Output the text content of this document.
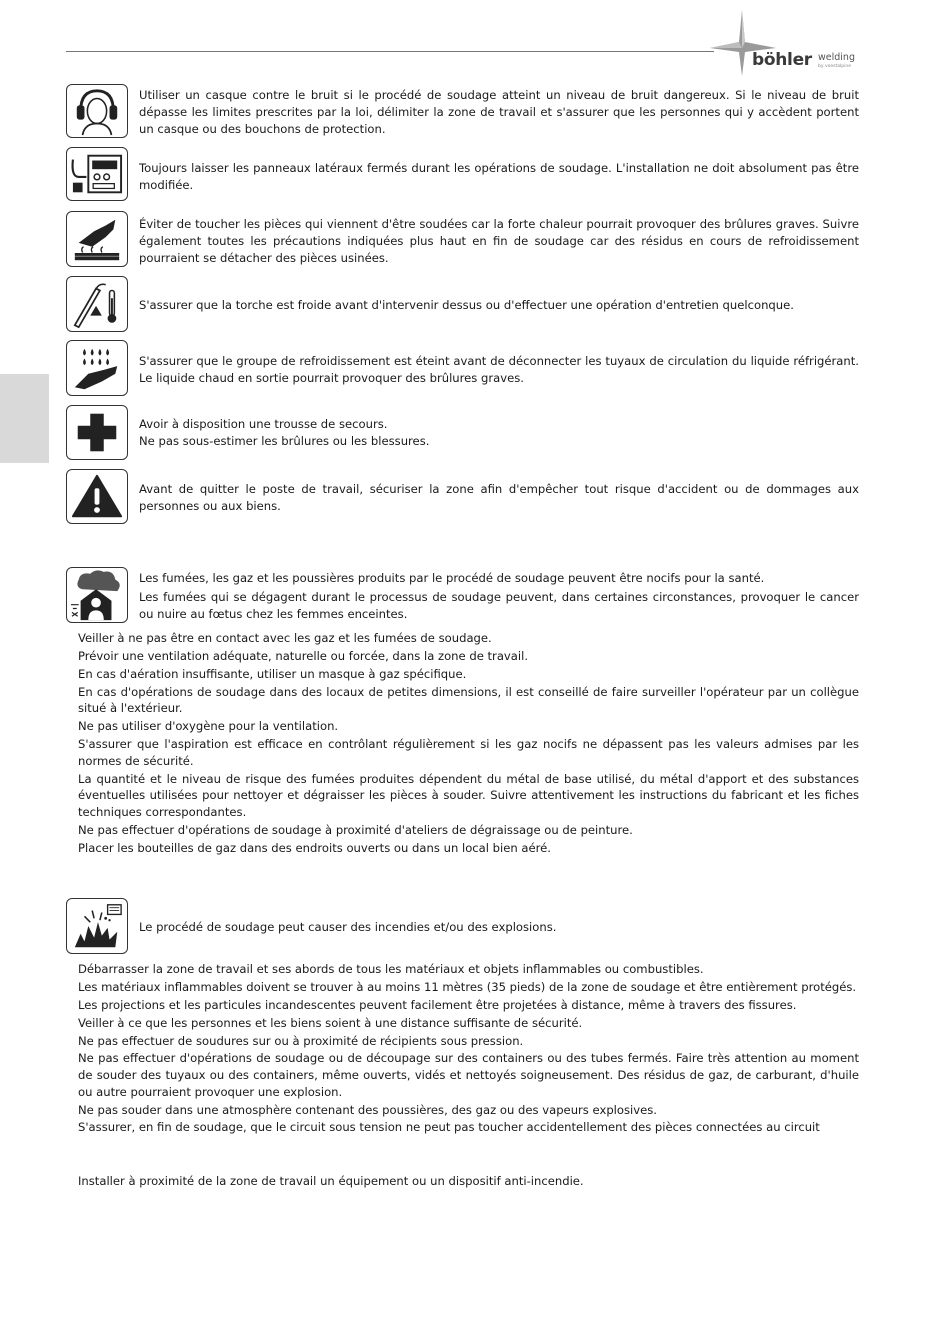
böhler welding
by voestalpine
Utiliser un casque contre le bruit si le procédé de soudage atteint un niveau de bruit dangereux. Si le niveau de bruit dépasse les limites prescrites par la loi, délimiter la zone de travail et s'assurer que les personnes qui y accèdent portent un casque ou des bouchons de protection.
Toujours laisser les panneaux latéraux fermés durant les opérations de soudage. L'installation ne doit absolument pas être modifiée.
Éviter de toucher les pièces qui viennent d'être soudées car la forte chaleur pourrait provoquer des brûlures graves. Suivre également toutes les précautions indiquées plus haut en fin de soudage car des résidus en cours de refroidissement pourraient se détacher des pièces usinées.
S'assurer que la torche est froide avant d'intervenir dessus ou d'effectuer une opération d'entretien quelconque.
S'assurer que le groupe de refroidissement est éteint avant de déconnecter les tuyaux de circulation du liquide réfrigérant. Le liquide chaud en sortie pourrait provoquer des brûlures graves.

Avoir à disposition une trousse de secours.

Ne pas sous-estimer les brûlures ou les blessures.

Avant de quitter le poste de travail, sécuriser la zone afin d'empêcher tout risque d'accident ou de dommages aux personnes ou aux biens.

Les fumées, les gaz et les poussières produits par le procédé de soudage peuvent être nocifs pour la santé.

Les fumées qui se dégagent durant le processus de soudage peuvent, dans certaines circonstances, provoquer le cancer ou nuire au fœtus chez les femmes enceintes.

Veiller à ne pas être en contact avec les gaz et les fumées de soudage.

Prévoir une ventilation adéquate, naturelle ou forcée, dans la zone de travail.

En cas d'aération insuffisante, utiliser un masque à gaz spécifique.

En cas d'opérations de soudage dans des locaux de petites dimensions, il est conseillé de faire surveiller l'opérateur par un collègue situé à l'extérieur.

Ne pas utiliser d'oxygène pour la ventilation.

S'assurer que l'aspiration est efficace en contrôlant régulièrement si les gaz nocifs ne dépassent pas les valeurs admises par les normes de sécurité.

La quantité et le niveau de risque des fumées produites dépendent du métal de base utilisé, du métal d'apport et des substances éventuelles utilisées pour nettoyer et dégraisser les pièces à souder. Suivre attentivement les instructions du fabricant et les fiches techniques correspondantes.

Ne pas effectuer d'opérations de soudage à proximité d'ateliers de dégraissage ou de peinture.

Placer les bouteilles de gaz dans des endroits ouverts ou dans un local bien aéré.

Le procédé de soudage peut causer des incendies et/ou des explosions.

Débarrasser la zone de travail et ses abords de tous les matériaux et objets inflammables ou combustibles.

Les matériaux inflammables doivent se trouver à au moins 11 mètres (35 pieds) de la zone de soudage et être entièrement protégés.

Les projections et les particules incandescentes peuvent facilement être projetées à distance, même à travers des fissures.

Veiller à ce que les personnes et les biens soient à une distance suffisante de sécurité.

Ne pas effectuer de soudures sur ou à proximité de récipients sous pression.

Ne pas effectuer d'opérations de soudage ou de découpage sur des containers ou des tubes fermés. Faire très attention au moment de souder des tuyaux ou des containers, même ouverts, vidés et nettoyés soigneusement. Des résidus de gaz, de carburant, d'huile ou autre pourraient provoquer une explosion.

Ne pas souder dans une atmosphère contenant des poussières, des gaz ou des vapeurs explosives.

S'assurer, en fin de soudage, que le circuit sous tension ne peut pas toucher accidentellement des pièces connectées au circuit

Installer à proximité de la zone de travail un équipement ou un dispositif anti-incendie.
